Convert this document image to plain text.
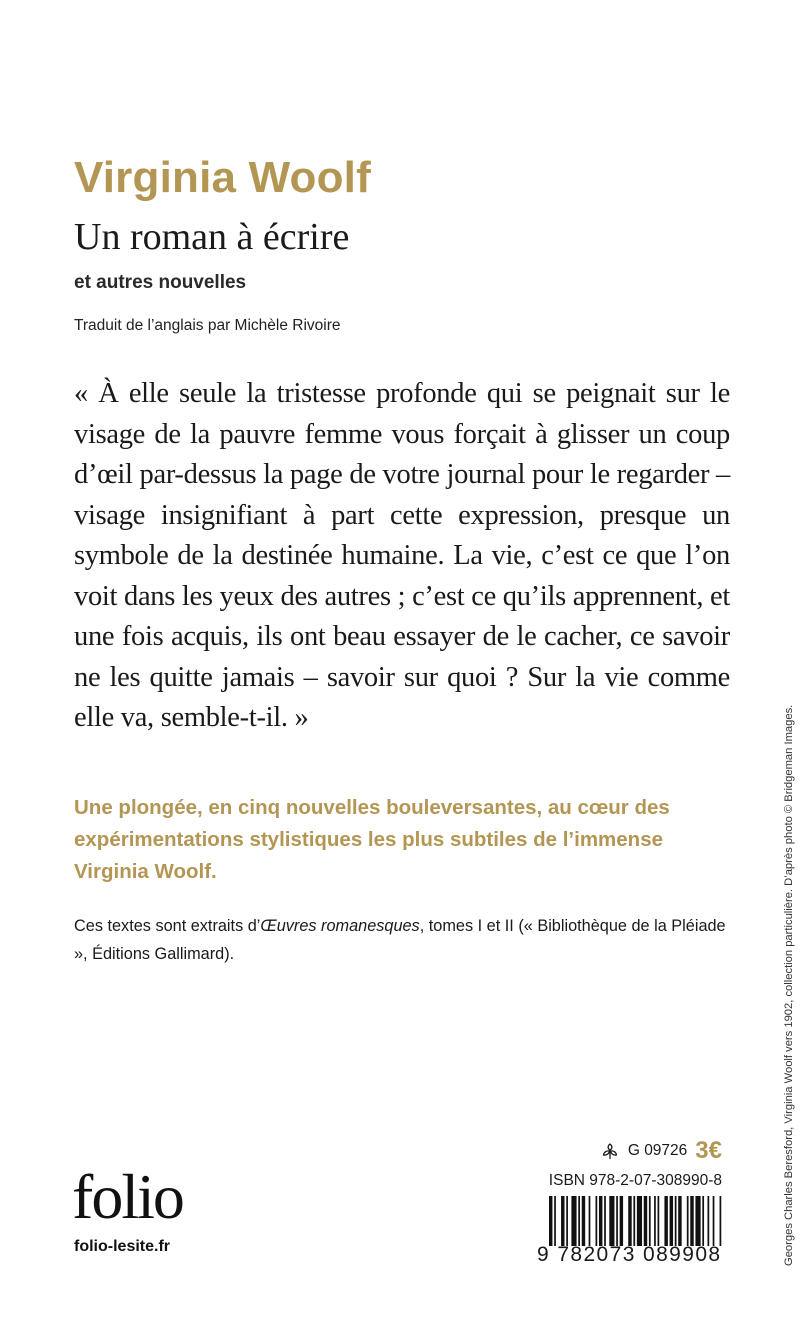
Virginia Woolf
Un roman à écrire

et autres nouvelles

Traduit de l’anglais par Michèle Rivoire

« À elle seule la tristesse profonde qui se peignait sur le visage de la pauvre femme vous forçait à glisser un coup d’œil par-dessus la page de votre journal pour le regarder – visage insignifiant à part cette expression, presque un symbole de la destinée humaine. La vie, c’est ce que l’on voit dans les yeux des autres ; c’est ce qu’ils apprennent, et une fois acquis, ils ont beau essayer de le cacher, ce savoir ne les quitte jamais – savoir sur quoi ? Sur la vie comme elle va, semble-t-il. »

Une plongée, en cinq nouvelles bouleversantes, au cœur des expérimentations stylistiques les plus subtiles de l’immense Virginia Woolf.

Ces textes sont extraits d’Œuvres romanesques, tomes I et II (« Bibliothèque de la Pléiade », Éditions Gallimard).

folio
folio-lesite.fr
G 09726 3€

ISBN 978-2-07-308990-8

9 782073 089908	Georges Charles Beresford, Virginia Woolf vers 1902, collection particulière. D’après photo © Bridgeman Images.
